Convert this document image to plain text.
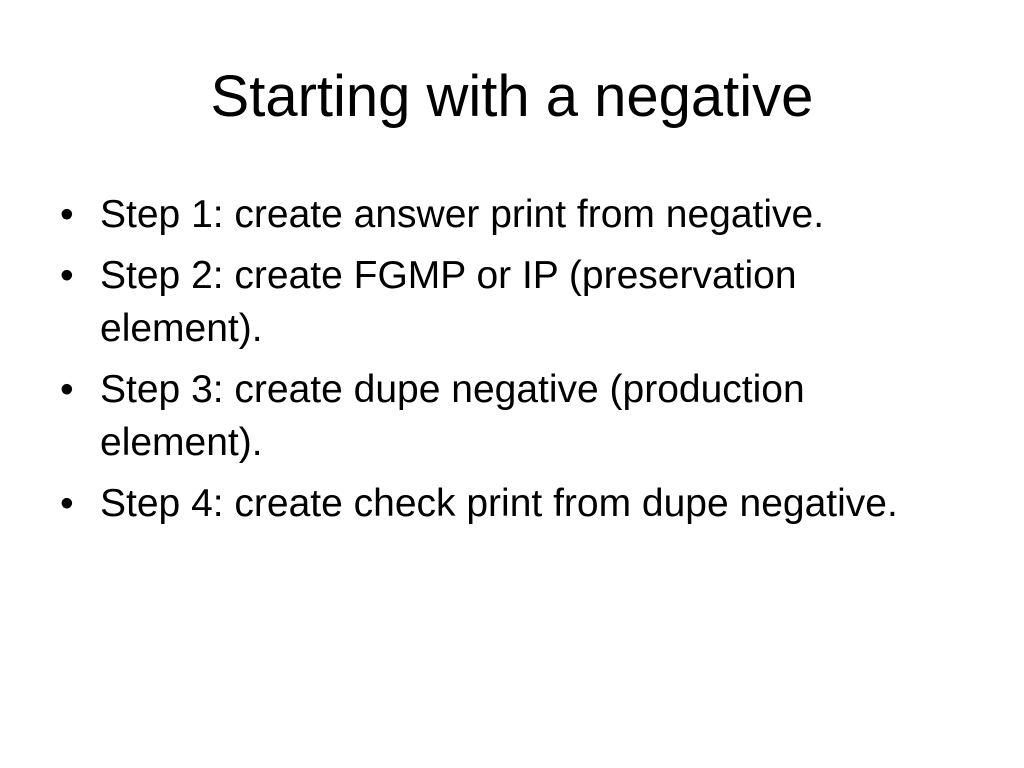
Starting with a negative
• Step 1: create answer print from negative.
• Step 2: create FGMP or IP (preservation element).
• Step 3: create dupe negative (production element).
• Step 4: create check print from dupe negative.
